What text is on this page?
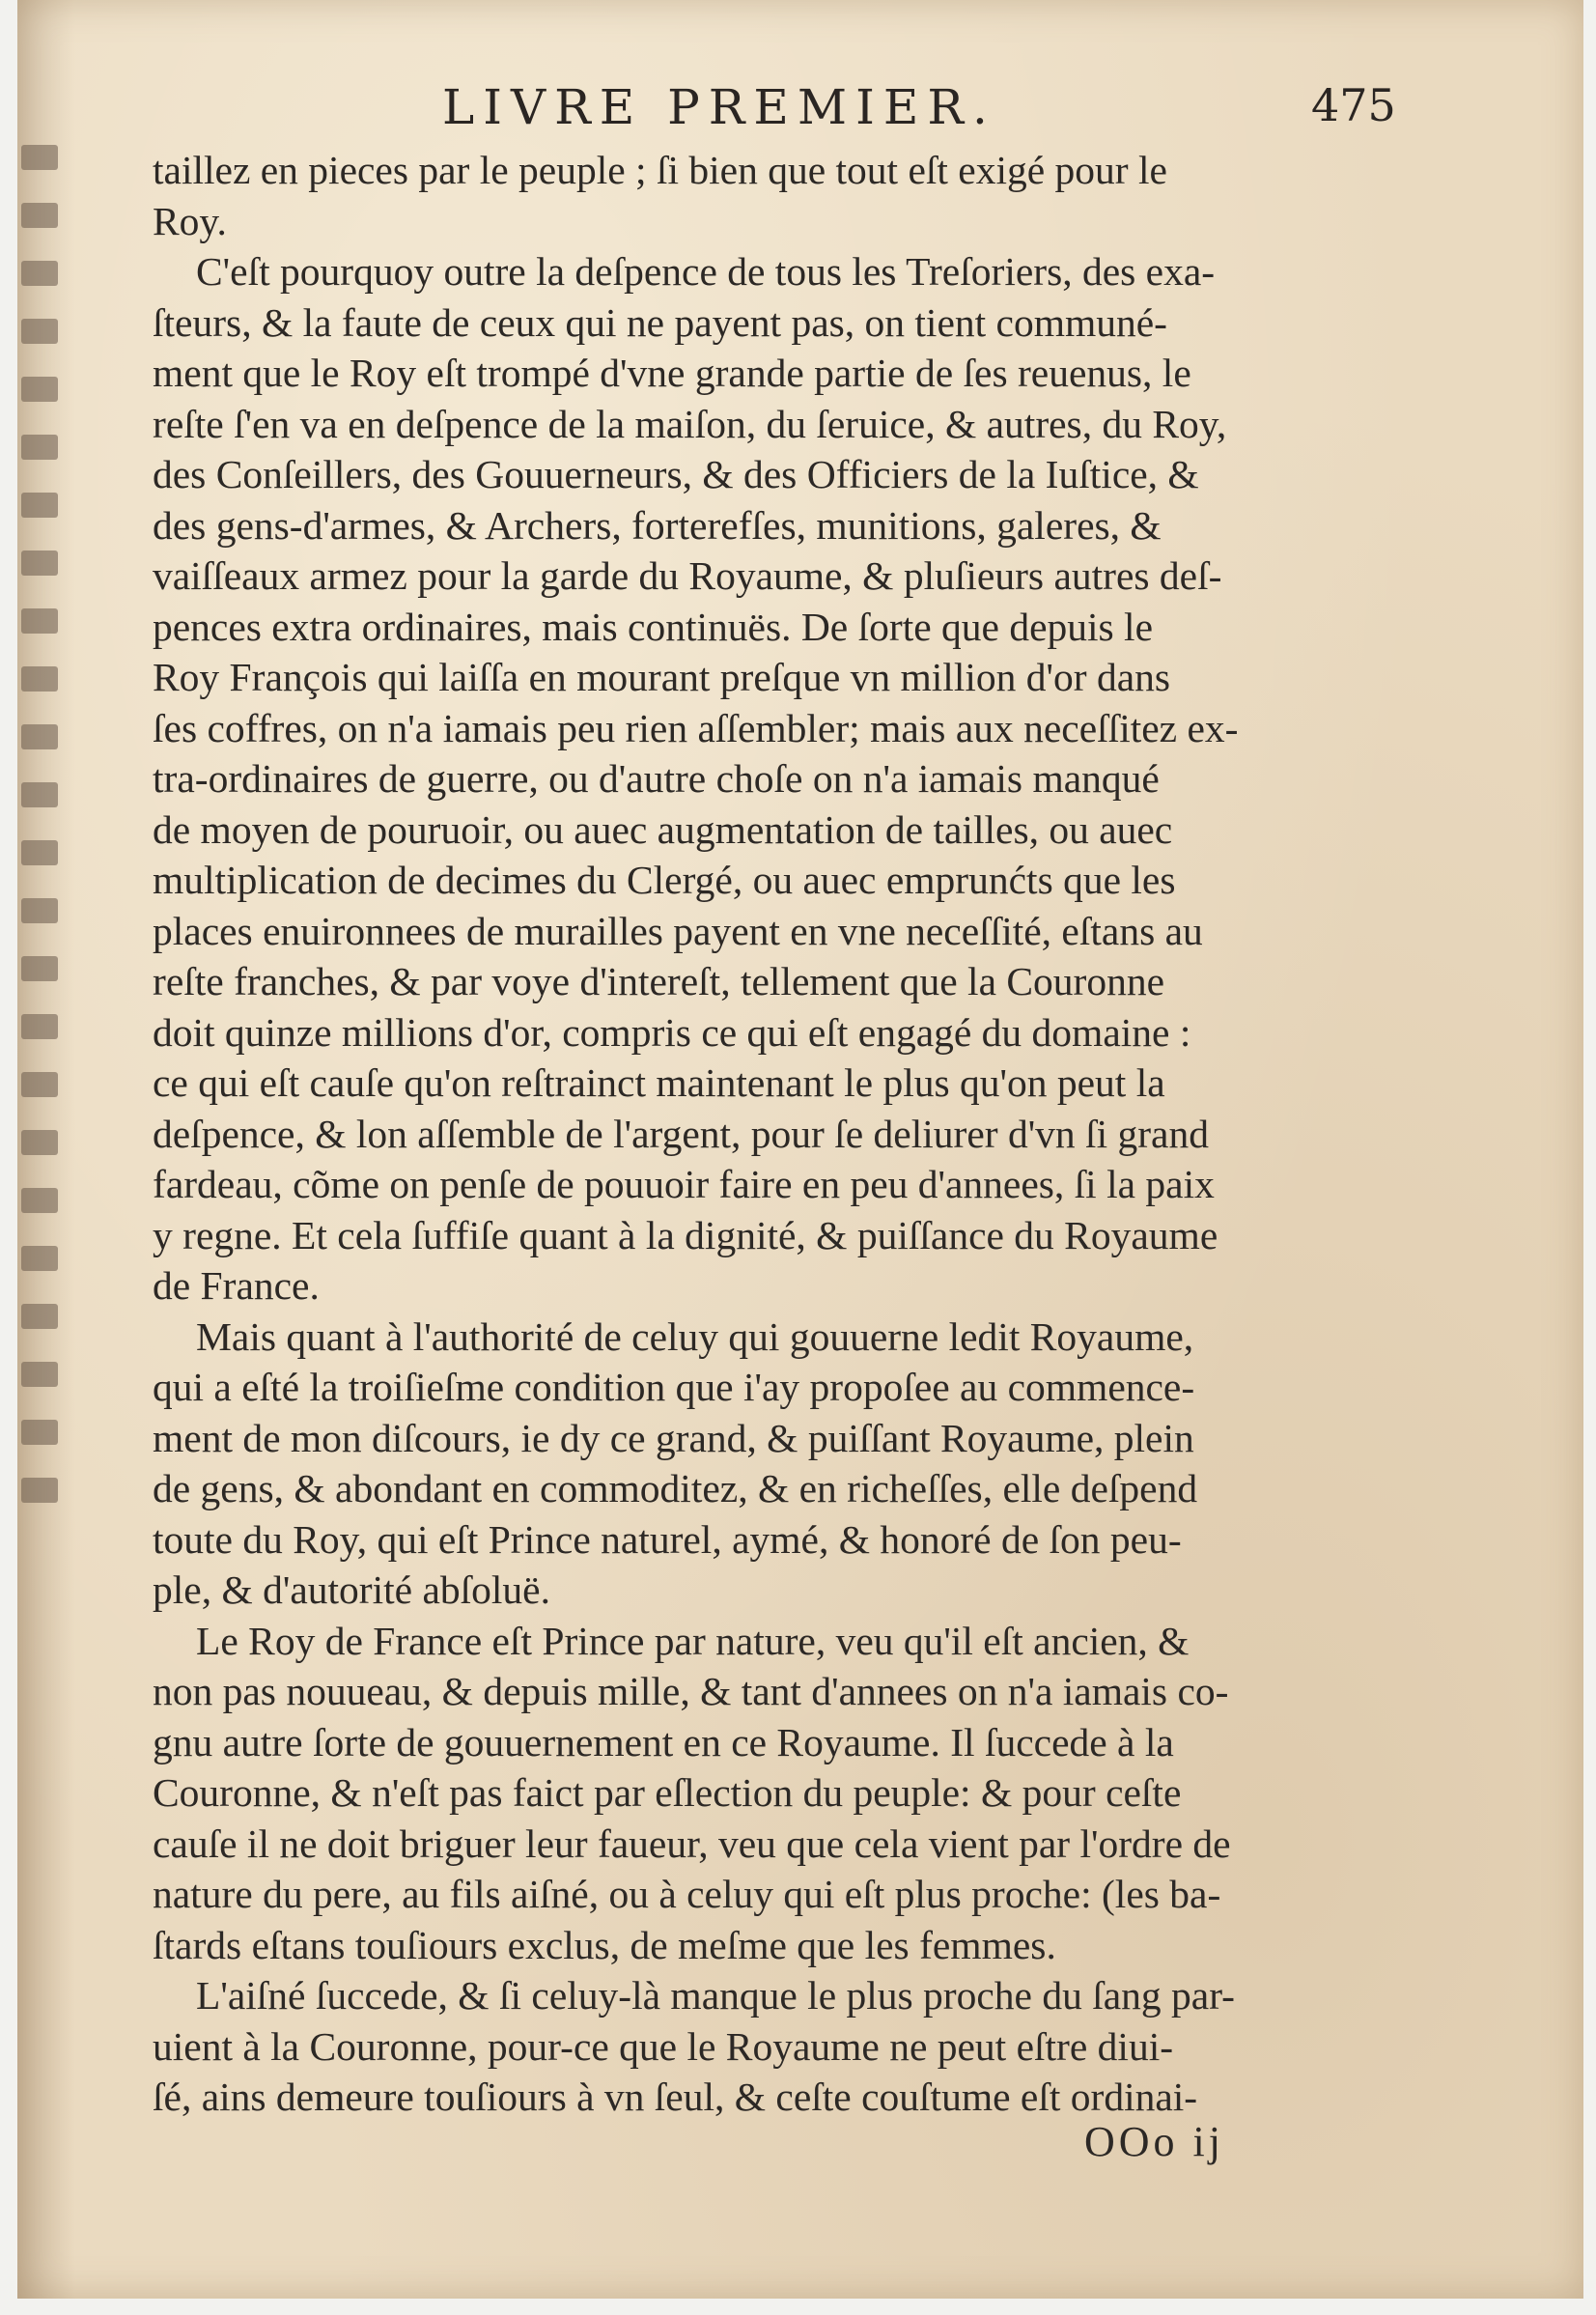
LIVRE PREMIER.	475
taillez en pieces par le peuple ; ſi bien que tout eſt exigé pour le
Roy.
C'eſt pourquoy outre la deſpence de tous les Treſoriers, des exa-
ſteurs, & la faute de ceux qui ne payent pas, on tient communé-
ment que le Roy eſt trompé d'vne grande partie de ſes reuenus, le
reſte ſ'en va en deſpence de la maiſon, du ſeruice, & autres, du Roy,
des Conſeillers, des Gouuerneurs, & des Officiers de la Iuſtice, &
des gens-d'armes, & Archers, forterefſes, munitions, galeres, &
vaiſſeaux armez pour la garde du Royaume, & pluſieurs autres deſ-
pences extra ordinaires, mais continuës. De ſorte que depuis le
Roy François qui laiſſa en mourant preſque vn million d'or dans
ſes coffres, on n'a iamais peu rien aſſembler; mais aux neceſſitez ex-
tra-ordinaires de guerre, ou d'autre choſe on n'a iamais manqué
de moyen de pouruoir, ou auec augmentation de tailles, ou auec
multiplication de decimes du Clergé, ou auec emprunćts que les
places enuironnees de murailles payent en vne neceſſité, eſtans au
reſte franches, & par voye d'intereſt, tellement que la Couronne
doit quinze millions d'or, compris ce qui eſt engagé du domaine :
ce qui eſt cauſe qu'on reſtrainct maintenant le plus qu'on peut la
deſpence, & lon aſſemble de l'argent, pour ſe deliurer d'vn ſi grand
fardeau, cõme on penſe de pouuoir faire en peu d'annees, ſi la paix
y regne. Et cela ſuffiſe quant à la dignité, & puiſſance du Royaume
de France.
Mais quant à l'authorité de celuy qui gouuerne ledit Royaume,
qui a eſté la troiſieſme condition que i'ay propoſee au commence-
ment de mon diſcours, ie dy ce grand, & puiſſant Royaume, plein
de gens, & abondant en commoditez, & en richeſſes, elle deſpend
toute du Roy, qui eſt Prince naturel, aymé, & honoré de ſon peu-
ple, & d'autorité abſoluë.
Le Roy de France eſt Prince par nature, veu qu'il eſt ancien, &
non pas nouueau, & depuis mille, & tant d'annees on n'a iamais co-
gnu autre ſorte de gouuernement en ce Royaume. Il ſuccede à la
Couronne, & n'eſt pas faict par eſlection du peuple: & pour ceſte
cauſe il ne doit briguer leur faueur, veu que cela vient par l'ordre de
nature du pere, au fils aiſné, ou à celuy qui eſt plus proche: (les ba-
ſtards eſtans touſiours exclus, de meſme que les femmes.
L'aiſné ſuccede, & ſi celuy-là manque le plus proche du ſang par-
uient à la Couronne, pour-ce que le Royaume ne peut eſtre diui-
ſé, ains demeure touſiours à vn ſeul, & ceſte couſtume eſt ordinai-
OOo ij
